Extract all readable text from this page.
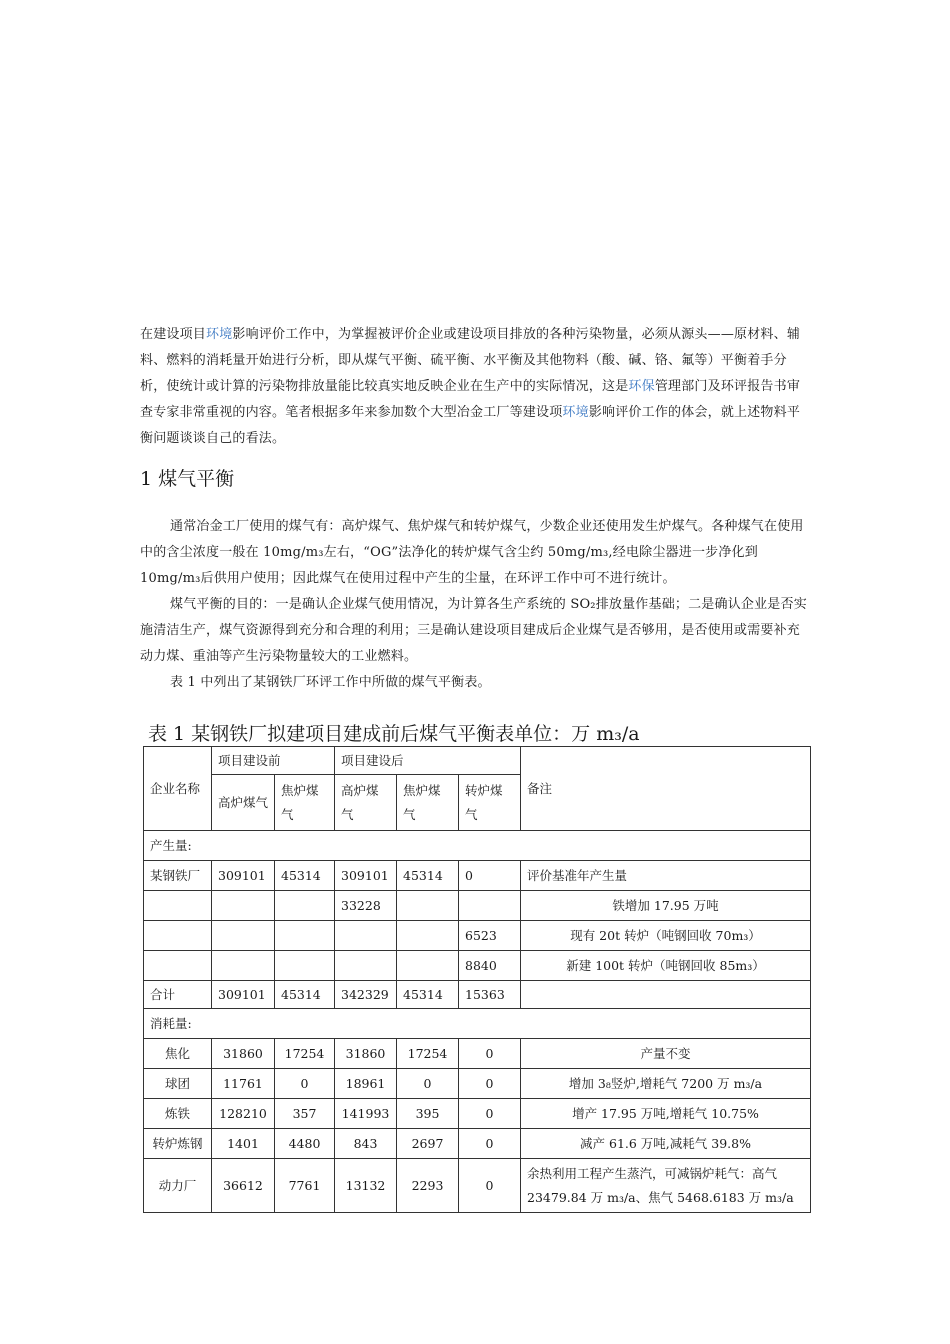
在建设项目环境影响评价工作中，为掌握被评价企业或建设项目排放的各种污染物量，必须从源头——原材料、辅料、燃料的消耗量开始进行分析，即从煤气平衡、硫平衡、水平衡及其他物料（酸、碱、铬、氟等）平衡着手分析，使统计或计算的污染物排放量能比较真实地反映企业在生产中的实际情况，这是环保管理部门及环评报告书审查专家非常重视的内容。笔者根据多年来参加数个大型冶金工厂等建设项环境影响评价工作的体会，就上述物料平衡问题谈谈自己的看法。

1 煤气平衡

通常冶金工厂使用的煤气有：高炉煤气、焦炉煤气和转炉煤气，少数企业还使用发生炉煤气。各种煤气在使用中的含尘浓度一般在 10mg/m₃左右，“OG”法净化的转炉煤气含尘约 50mg/m₃,经电除尘器进一步净化到 10mg/m₃后供用户使用；因此煤气在使用过程中产生的尘量，在环评工作中可不进行统计。

煤气平衡的目的：一是确认企业煤气使用情况，为计算各生产系统的 SO₂排放量作基础；二是确认企业是否实施清洁生产，煤气资源得到充分和合理的利用；三是确认建设项目建成后企业煤气是否够用，是否使用或需要补充动力煤、重油等产生污染物量较大的工业燃料。

表 1 中列出了某钢铁厂环评工作中所做的煤气平衡表。

表 1 某钢铁厂拟建项目建成前后煤气平衡表单位：万 m₃/a
企业名称	项目建设前		项目建设后			备注
	高炉煤气	焦炉煤气	高炉煤气	焦炉煤气	转炉煤气	
产生量:						
某钢铁厂	309101	45314	309101	45314	0	评价基准年产生量
			33228			铁增加 17.95 万吨
					6523	现有 20t 转炉（吨钢回收 70m₃）
					8840	新建 100t 转炉（吨钢回收 85m₃）
合计	309101	45314	342329	45314	15363	
消耗量:						
焦化	31860	17254	31860	17254	0	产量不变
球团	11761	0	18961	0	0	增加 3₈竖炉,增耗气 7200 万 m₃/a
炼铁	128210	357	141993	395	0	增产 17.95 万吨,增耗气 10.75%
转炉炼钢	1401	4480	843	2697	0	减产 61.6 万吨,减耗气 39.8%
动力厂	36612	7761	13132	2293	0	余热利用工程产生蒸汽，可减锅炉耗气：高气 23479.84 万 m₃/a、焦气 5468.6183 万 m₃/a
